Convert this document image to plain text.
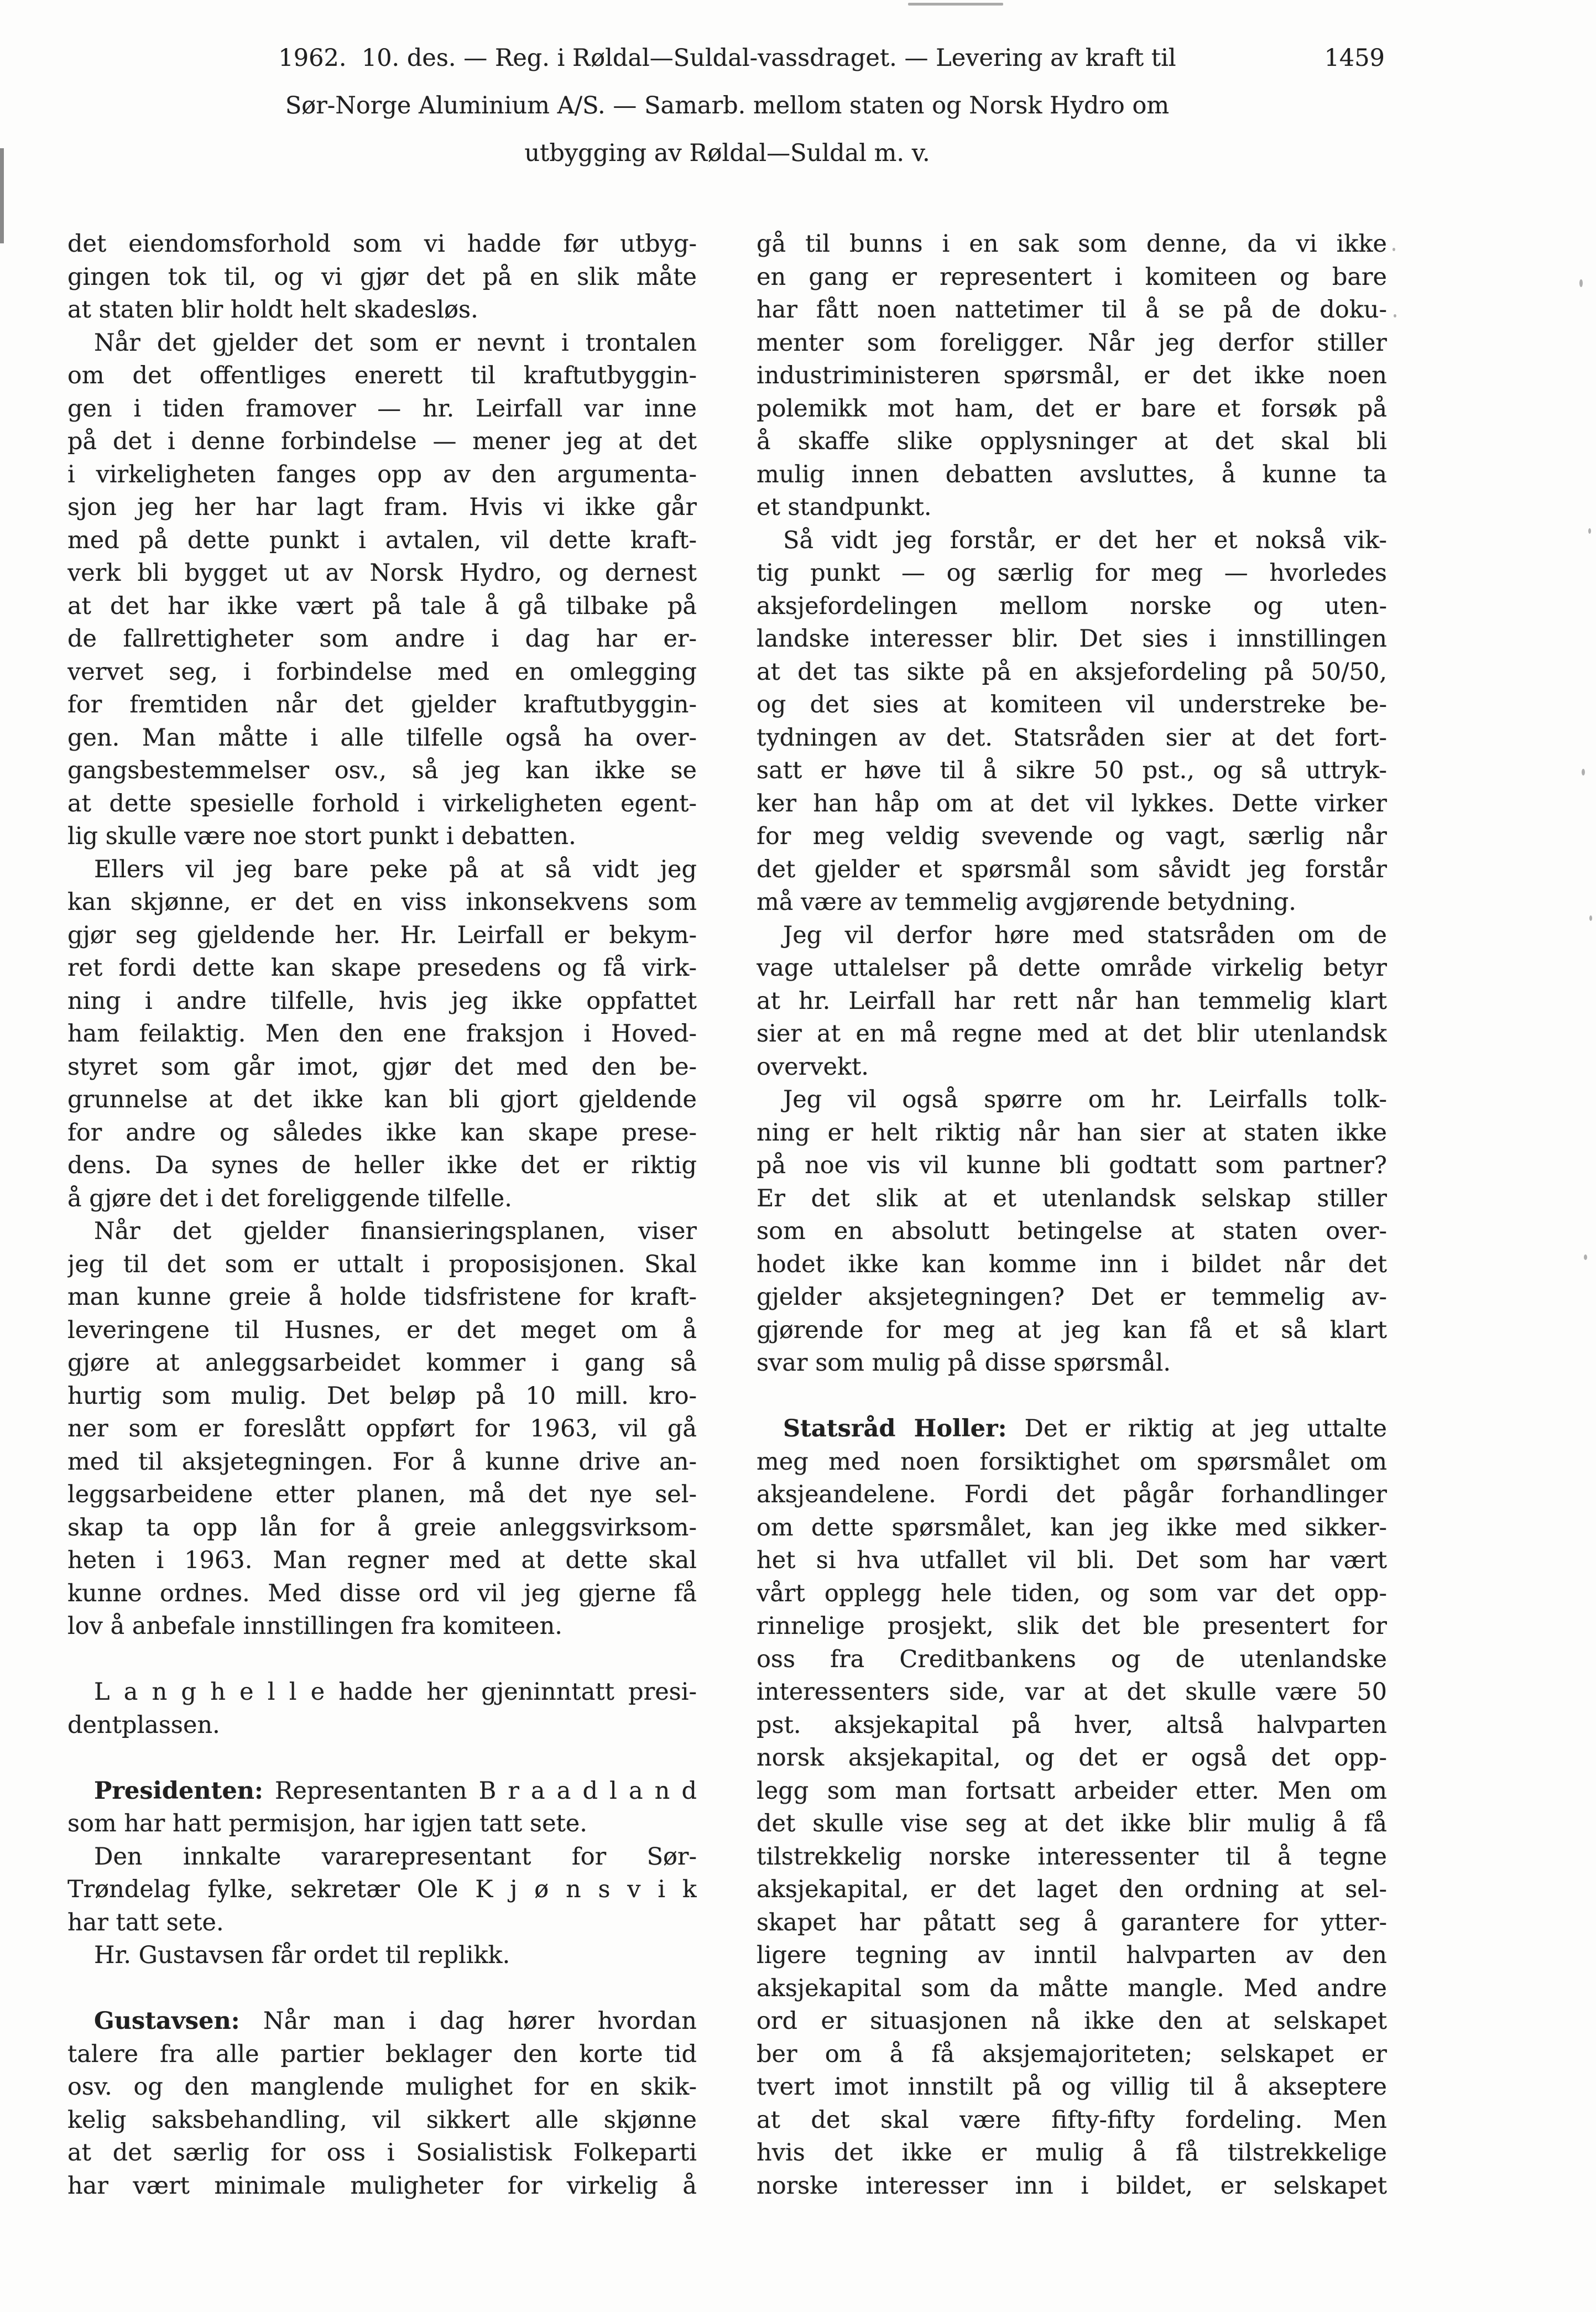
1962.  10. des. — Reg. i Røldal—Suldal-vassdraget. — Levering av kraft til	1459
Sør-Norge Aluminium A/S. — Samarb. mellom staten og Norsk Hydro om
utbygging av Røldal—Suldal m. v.
det eiendomsforhold som vi hadde før utbyg-
gingen tok til, og vi gjør det på en slik måte
at staten blir holdt helt skadesløs.
Når det gjelder det som er nevnt i trontalen
om det offentliges enerett til kraftutbyggin-
gen i tiden framover — hr. Leirfall var inne
på det i denne forbindelse — mener jeg at det
i virkeligheten fanges opp av den argumenta-
sjon jeg her har lagt fram. Hvis vi ikke går
med på dette punkt i avtalen, vil dette kraft-
verk bli bygget ut av Norsk Hydro, og dernest
at det har ikke vært på tale å gå tilbake på
de fallrettigheter som andre i dag har er-
vervet seg, i forbindelse med en omlegging
for fremtiden når det gjelder kraftutbyggin-
gen. Man måtte i alle tilfelle også ha over-
gangsbestemmelser osv., så jeg kan ikke se
at dette spesielle forhold i virkeligheten egent-
lig skulle være noe stort punkt i debatten.
Ellers vil jeg bare peke på at så vidt jeg
kan skjønne, er det en viss inkonsekvens som
gjør seg gjeldende her. Hr. Leirfall er bekym-
ret fordi dette kan skape presedens og få virk-
ning i andre tilfelle, hvis jeg ikke oppfattet
ham feilaktig. Men den ene fraksjon i Hoved-
styret som går imot, gjør det med den be-
grunnelse at det ikke kan bli gjort gjeldende
for andre og således ikke kan skape prese-
dens. Da synes de heller ikke det er riktig
å gjøre det i det foreliggende tilfelle.
Når det gjelder finansieringsplanen, viser
jeg til det som er uttalt i proposisjonen. Skal
man kunne greie å holde tidsfristene for kraft-
leveringene til Husnes, er det meget om å
gjøre at anleggsarbeidet kommer i gang så
hurtig som mulig. Det beløp på 10 mill. kro-
ner som er foreslått oppført for 1963, vil gå
med til aksjetegningen. For å kunne drive an-
leggsarbeidene etter planen, må det nye sel-
skap ta opp lån for å greie anleggsvirksom-
heten i 1963. Man regner med at dette skal
kunne ordnes. Med disse ord vil jeg gjerne få
lov å anbefale innstillingen fra komiteen.
L a n g h e l l e hadde her gjeninntatt presi-
dentplassen.
Presidenten: Representanten B r a a d l a n d
som har hatt permisjon, har igjen tatt sete.
Den innkalte vararepresentant for Sør-
Trøndelag fylke, sekretær Ole K j ø n s v i k
har tatt sete.
Hr. Gustavsen får ordet til replikk.
Gustavsen: Når man i dag hører hvordan
talere fra alle partier beklager den korte tid
osv. og den manglende mulighet for en skik-
kelig saksbehandling, vil sikkert alle skjønne
at det særlig for oss i Sosialistisk Folkeparti
har vært minimale muligheter for virkelig å
gå til bunns i en sak som denne, da vi ikke
en gang er representert i komiteen og bare
har fått noen nattetimer til å se på de doku-
menter som foreligger. Når jeg derfor stiller
industriministeren spørsmål, er det ikke noen
polemikk mot ham, det er bare et forsøk på
å skaffe slike opplysninger at det skal bli
mulig innen debatten avsluttes, å kunne ta
et standpunkt.
Så vidt jeg forstår, er det her et nokså vik-
tig punkt — og særlig for meg — hvorledes
aksjefordelingen mellom norske og uten-
landske interesser blir. Det sies i innstillingen
at det tas sikte på en aksjefordeling på 50/50,
og det sies at komiteen vil understreke be-
tydningen av det. Statsråden sier at det fort-
satt er høve til å sikre 50 pst., og så uttryk-
ker han håp om at det vil lykkes. Dette virker
for meg veldig svevende og vagt, særlig når
det gjelder et spørsmål som såvidt jeg forstår
må være av temmelig avgjørende betydning.
Jeg vil derfor høre med statsråden om de
vage uttalelser på dette område virkelig betyr
at hr. Leirfall har rett når han temmelig klart
sier at en må regne med at det blir utenlandsk
overvekt.
Jeg vil også spørre om hr. Leirfalls tolk-
ning er helt riktig når han sier at staten ikke
på noe vis vil kunne bli godtatt som partner?
Er det slik at et utenlandsk selskap stiller
som en absolutt betingelse at staten over-
hodet ikke kan komme inn i bildet når det
gjelder aksjetegningen? Det er temmelig av-
gjørende for meg at jeg kan få et så klart
svar som mulig på disse spørsmål.
Statsråd Holler: Det er riktig at jeg uttalte
meg med noen forsiktighet om spørsmålet om
aksjeandelene. Fordi det pågår forhandlinger
om dette spørsmålet, kan jeg ikke med sikker-
het si hva utfallet vil bli. Det som har vært
vårt opplegg hele tiden, og som var det opp-
rinnelige prosjekt, slik det ble presentert for
oss fra Creditbankens og de utenlandske
interessenters side, var at det skulle være 50
pst. aksjekapital på hver, altså halvparten
norsk aksjekapital, og det er også det opp-
legg som man fortsatt arbeider etter. Men om
det skulle vise seg at det ikke blir mulig å få
tilstrekkelig norske interessenter til å tegne
aksjekapital, er det laget den ordning at sel-
skapet har påtatt seg å garantere for ytter-
ligere tegning av inntil halvparten av den
aksjekapital som da måtte mangle. Med andre
ord er situasjonen nå ikke den at selskapet
ber om å få aksjemajoriteten; selskapet er
tvert imot innstilt på og villig til å akseptere
at det skal være fifty-fifty fordeling. Men
hvis det ikke er mulig å få tilstrekkelige
norske interesser inn i bildet, er selskapet
